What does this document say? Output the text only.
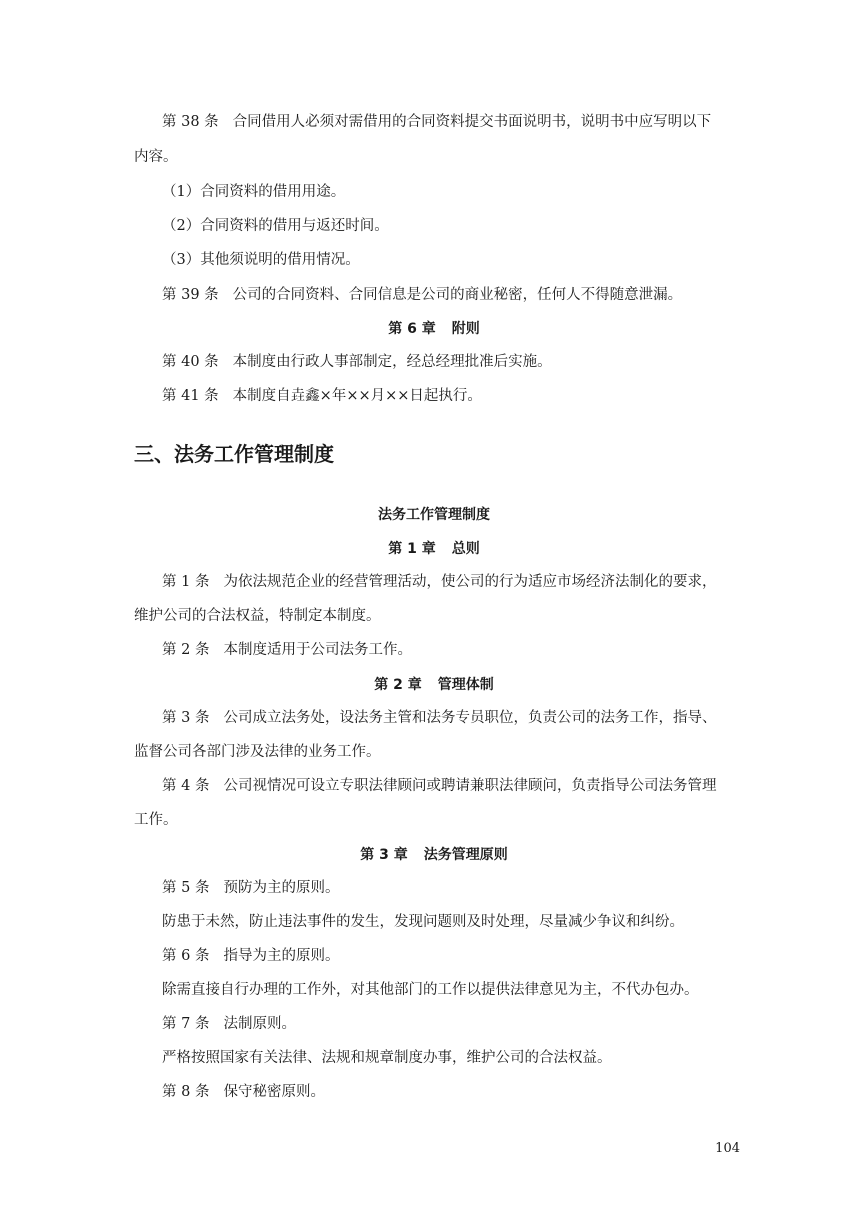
第 38 条 合同借用人必须对需借用的合同资料提交书面说明书，说明书中应写明以下
内容。
（1）合同资料的借用用途。
（2）合同资料的借用与返还时间。
（3）其他须说明的借用情况。
第 39 条 公司的合同资料、合同信息是公司的商业秘密，任何人不得随意泄漏。
第 6 章 附则
第 40 条 本制度由行政人事部制定，经总经理批准后实施。
第 41 条 本制度自垚鑫×年××月××日起执行。
三、法务工作管理制度
法务工作管理制度
第 1 章 总则
第 1 条 为依法规范企业的经营管理活动，使公司的行为适应市场经济法制化的要求，
维护公司的合法权益，特制定本制度。
第 2 条 本制度适用于公司法务工作。
第 2 章 管理体制
第 3 条 公司成立法务处，设法务主管和法务专员职位，负责公司的法务工作，指导、
监督公司各部门涉及法律的业务工作。
第 4 条 公司视情况可设立专职法律顾问或聘请兼职法律顾问，负责指导公司法务管理
工作。
第 3 章 法务管理原则
第 5 条 预防为主的原则。
防患于未然，防止违法事件的发生，发现问题则及时处理，尽量减少争议和纠纷。
第 6 条 指导为主的原则。
除需直接自行办理的工作外，对其他部门的工作以提供法律意见为主，不代办包办。
第 7 条 法制原则。
严格按照国家有关法律、法规和规章制度办事，维护公司的合法权益。
第 8 条 保守秘密原则。
104
